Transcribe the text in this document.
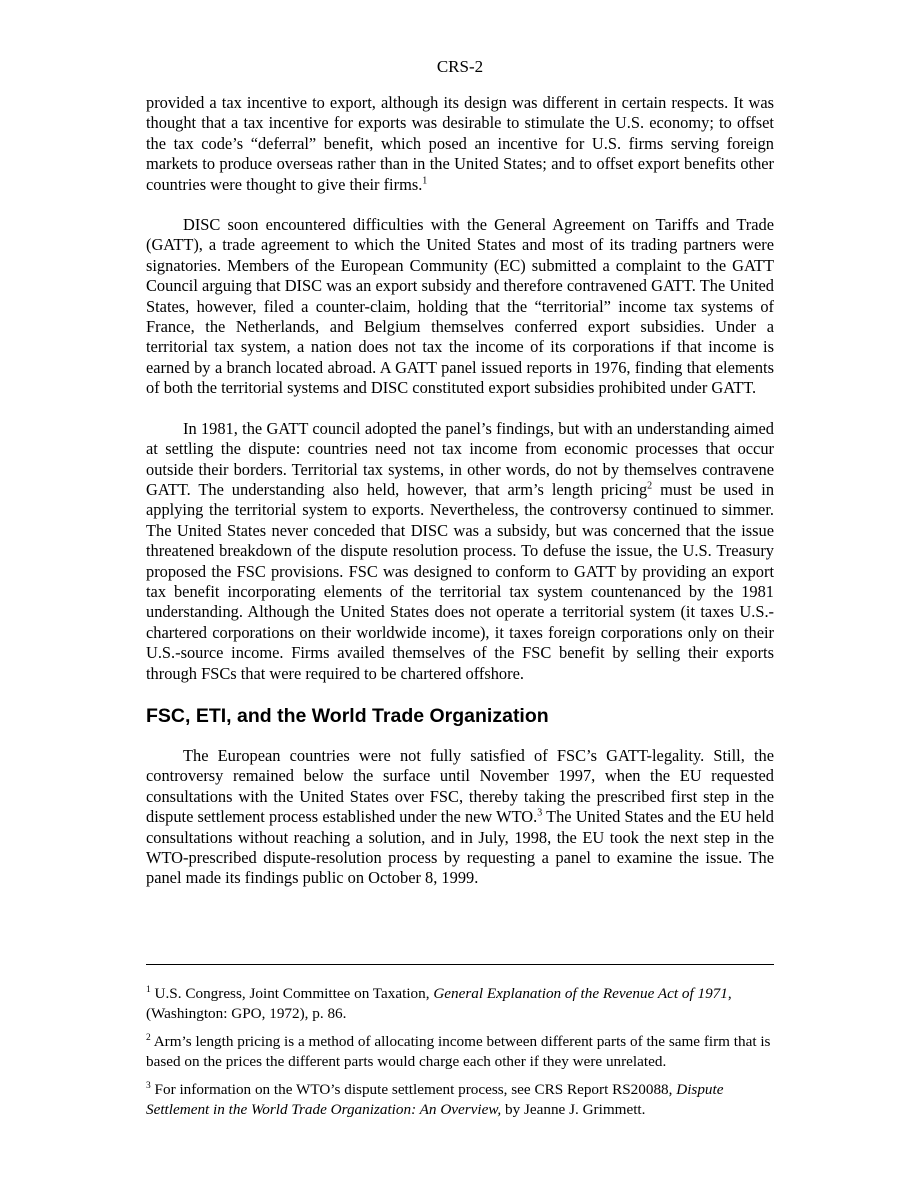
CRS-2

provided a tax incentive to export, although its design was different in certain respects. It was thought that a tax incentive for exports was desirable to stimulate the U.S. economy; to offset the tax code’s “deferral” benefit, which posed an incentive for U.S. firms serving foreign markets to produce overseas rather than in the United States; and to offset export benefits other countries were thought to give their firms.$^1$

DISC soon encountered difficulties with the General Agreement on Tariffs and Trade (GATT), a trade agreement to which the United States and most of its trading partners were signatories. Members of the European Community (EC) submitted a complaint to the GATT Council arguing that DISC was an export subsidy and therefore contravened GATT. The United States, however, filed a counter-claim, holding that the “territorial” income tax systems of France, the Netherlands, and Belgium themselves conferred export subsidies. Under a territorial tax system, a nation does not tax the income of its corporations if that income is earned by a branch located abroad. A GATT panel issued reports in 1976, finding that elements of both the territorial systems and DISC constituted export subsidies prohibited under GATT.

In 1981, the GATT council adopted the panel’s findings, but with an understanding aimed at settling the dispute: countries need not tax income from economic processes that occur outside their borders. Territorial tax systems, in other words, do not by themselves contravene GATT. The understanding also held, however, that arm’s length pricing$^2$ must be used in applying the territorial system to exports. Nevertheless, the controversy continued to simmer. The United States never conceded that DISC was a subsidy, but was concerned that the issue threatened breakdown of the dispute resolution process. To defuse the issue, the U.S. Treasury proposed the FSC provisions. FSC was designed to conform to GATT by providing an export tax benefit incorporating elements of the territorial tax system countenanced by the 1981 understanding. Although the United States does not operate a territorial system (it taxes U.S.-chartered corporations on their worldwide income), it taxes foreign corporations only on their U.S.-source income. Firms availed themselves of the FSC benefit by selling their exports through FSCs that were required to be chartered offshore.

FSC, ETI, and the World Trade Organization

The European countries were not fully satisfied of FSC’s GATT-legality. Still, the controversy remained below the surface until November 1997, when the EU requested consultations with the United States over FSC, thereby taking the prescribed first step in the dispute settlement process established under the new WTO.$^3$ The United States and the EU held consultations without reaching a solution, and in July, 1998, the EU took the next step in the WTO-prescribed dispute-resolution process by requesting a panel to examine the issue. The panel made its findings public on October 8, 1999.

$^1$ U.S. Congress, Joint Committee on Taxation, General Explanation of the Revenue Act of 1971, (Washington: GPO, 1972), p. 86.

$^2$ Arm’s length pricing is a method of allocating income between different parts of the same firm that is based on the prices the different parts would charge each other if they were unrelated.

$^3$ For information on the WTO’s dispute settlement process, see CRS Report RS20088, Dispute Settlement in the World Trade Organization: An Overview, by Jeanne J. Grimmett.
